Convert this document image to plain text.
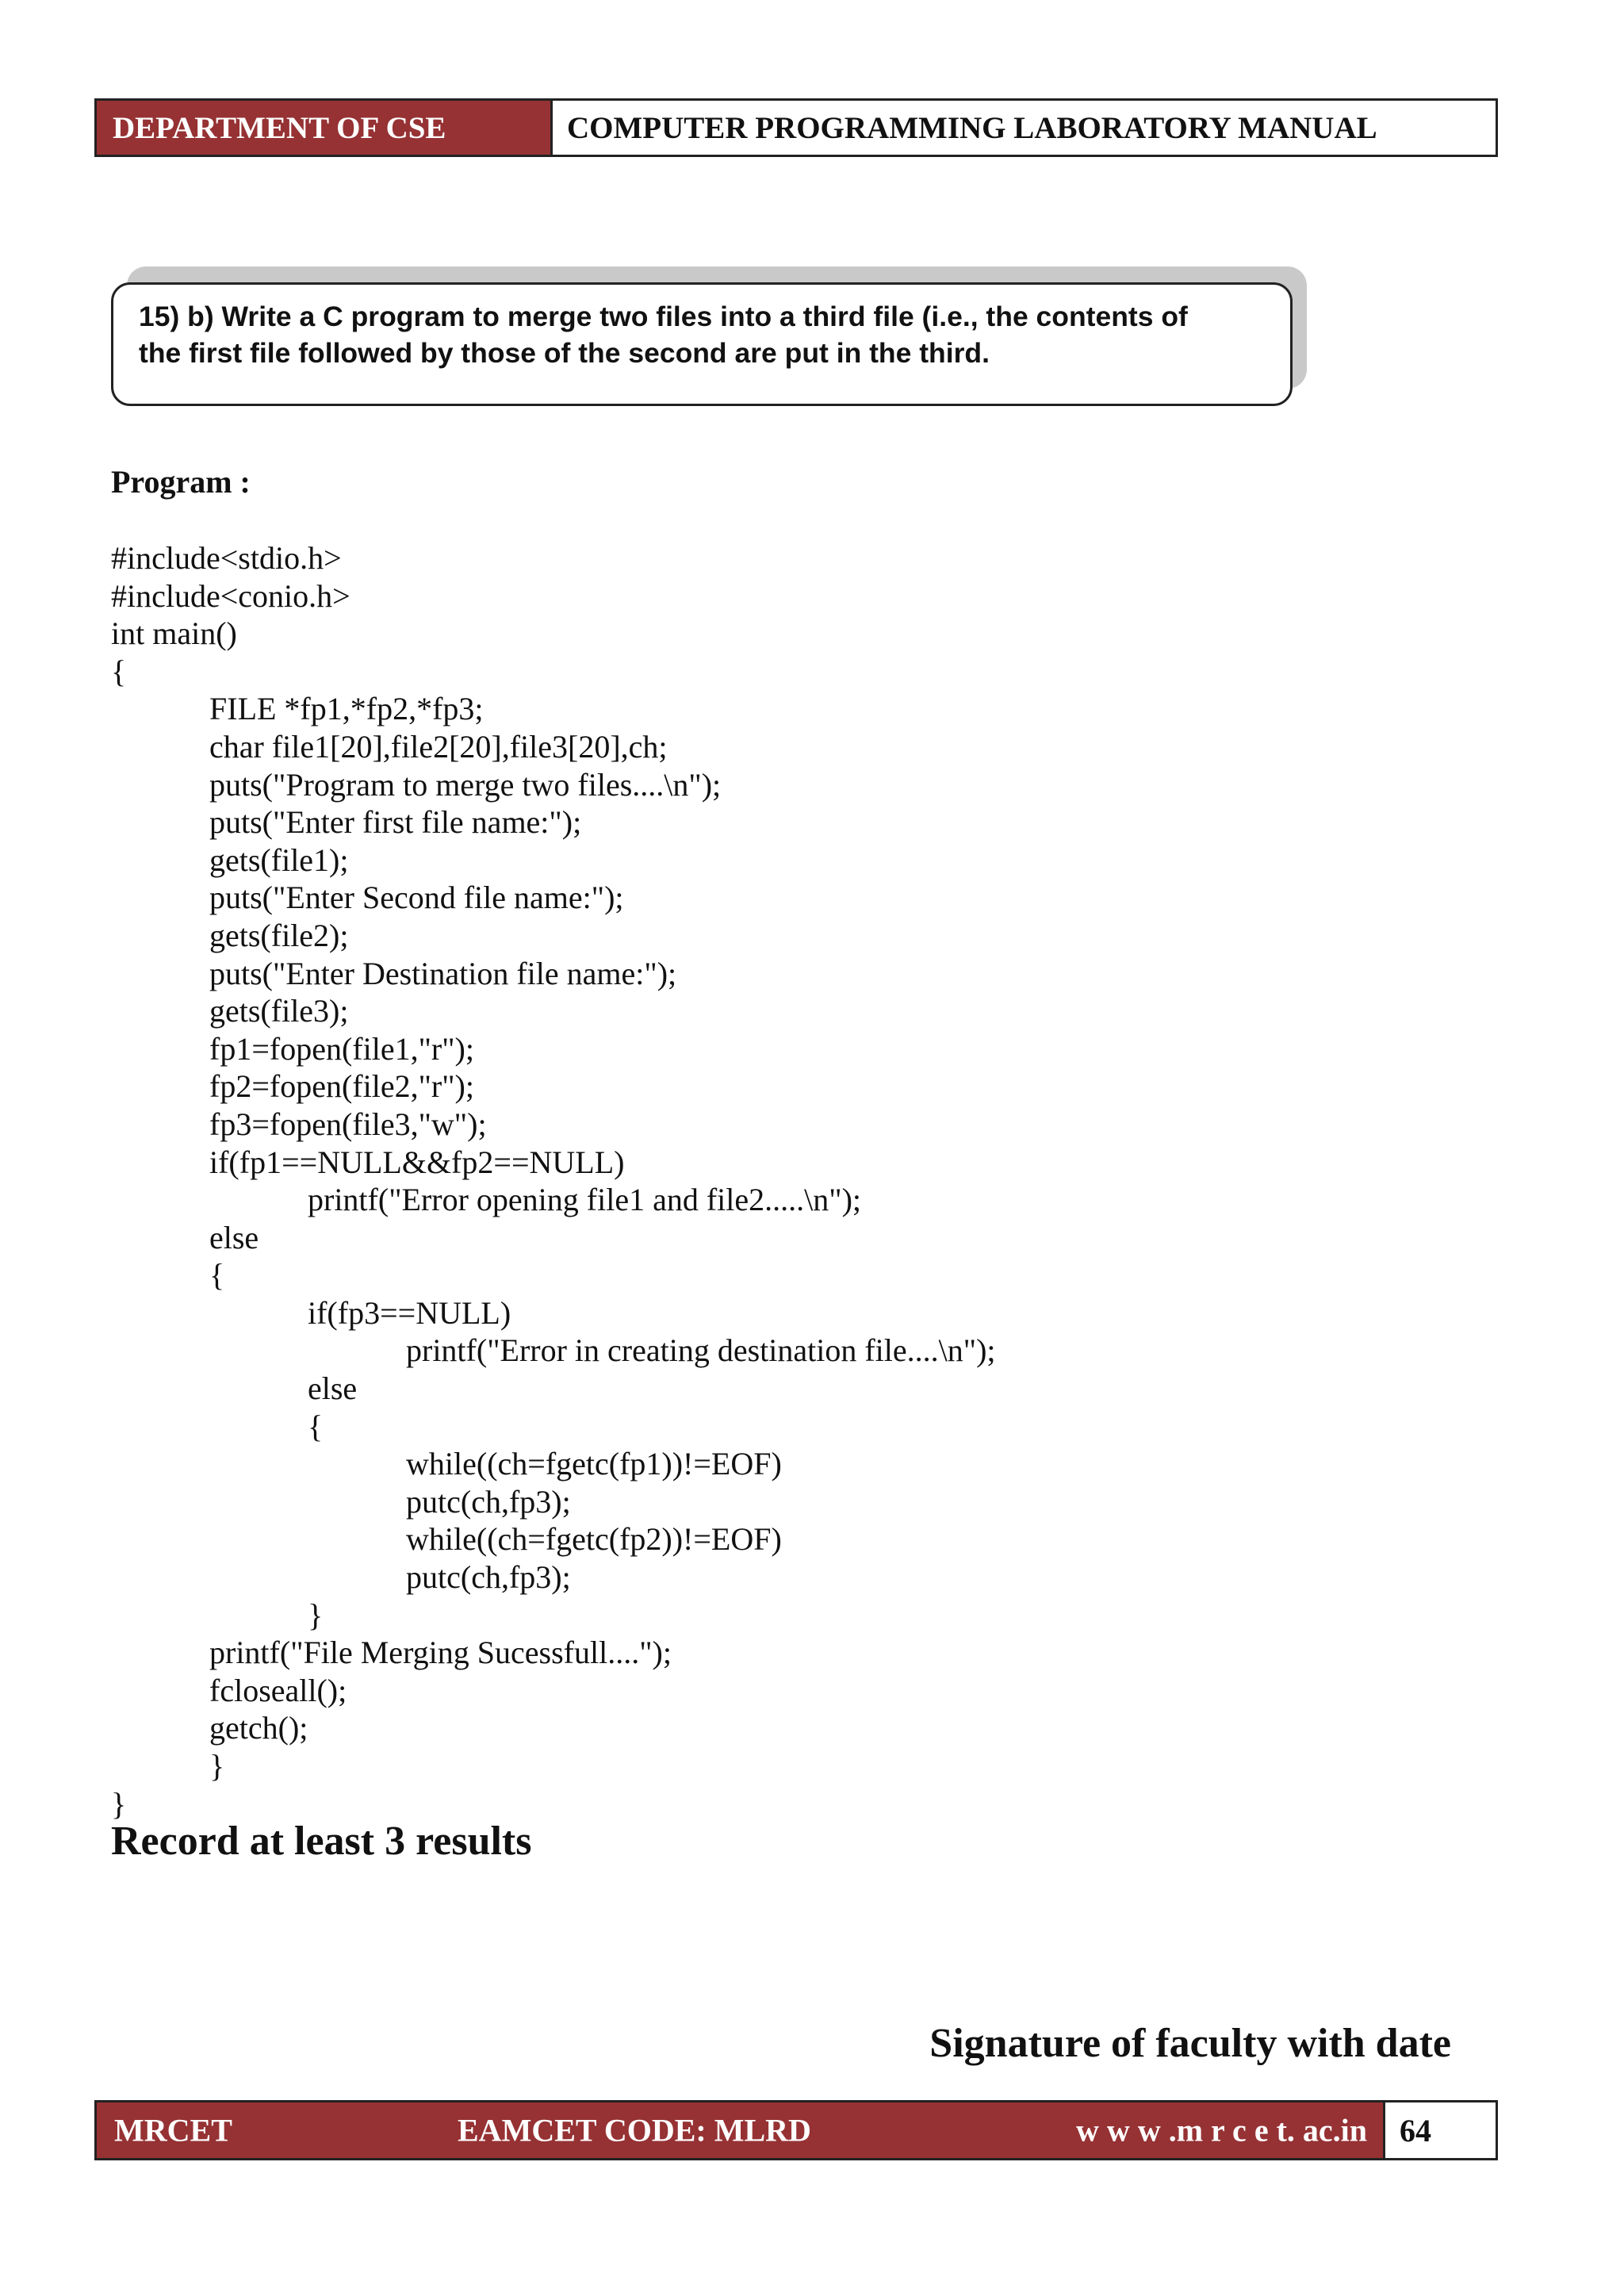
DEPARTMENT OF CSE	COMPUTER PROGRAMMING LABORATORY MANUAL
15) b) Write a C program to merge two files into a third file (i.e., the contents of
the first file followed by those of the second are put in the third.
Program :
#include<stdio.h>
#include<conio.h>
int main()
{
FILE *fp1,*fp2,*fp3;
char file1[20],file2[20],file3[20],ch;
puts("Program to merge two files....\n");
puts("Enter first file name:");
gets(file1);
puts("Enter Second file name:");
gets(file2);
puts("Enter Destination file name:");
gets(file3);
fp1=fopen(file1,"r");
fp2=fopen(file2,"r");
fp3=fopen(file3,"w");
if(fp1==NULL&&fp2==NULL)
printf("Error opening file1 and file2.....\n");
else
{
if(fp3==NULL)
printf("Error in creating destination file....\n");
else
{
while((ch=fgetc(fp1))!=EOF)
putc(ch,fp3);
while((ch=fgetc(fp2))!=EOF)
putc(ch,fp3);
}
printf("File Merging Sucessfull....");
fcloseall();
getch();
}
}
Record at least 3 results
Signature of faculty with date
MRCET	EAMCET CODE: MLRD	w w w .m r c e t. ac.in	64
